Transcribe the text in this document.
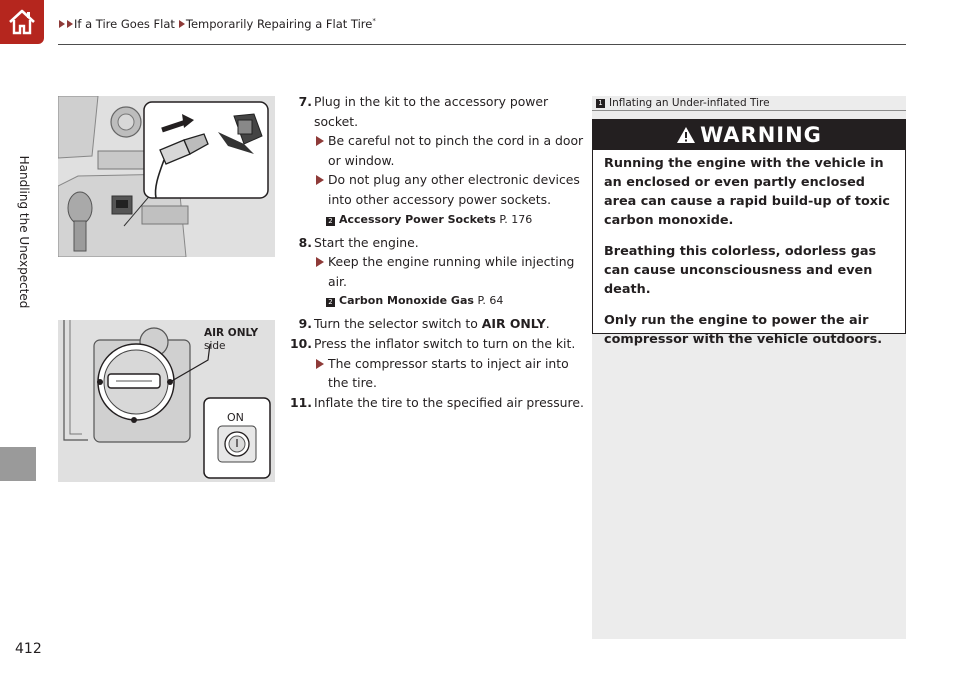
If a Tire Goes Flat Temporarily Repairing a Flat Tire*
Handling the Unexpected
412
AIR ONLY
side
ON
7. Plug in the kit to the accessory power socket.
Be careful not to pinch the cord in a door or window.
Do not plug any other electronic devices into other accessory power sockets.
2 Accessory Power Sockets P. 176
8. Start the engine.
Keep the engine running while injecting air.
2 Carbon Monoxide Gas P. 64
9. Turn the selector switch to AIR ONLY.
10. Press the inflator switch to turn on the kit.
The compressor starts to inject air into the tire.
11. Inflate the tire to the specified air pressure.
1 Inflating an Under-inflated Tire
WARNING

Running the engine with the vehicle in an enclosed or even partly enclosed area can cause a rapid build-up of toxic carbon monoxide.

Breathing this colorless, odorless gas can cause unconsciousness and even death.

Only run the engine to power the air compressor with the vehicle outdoors.
